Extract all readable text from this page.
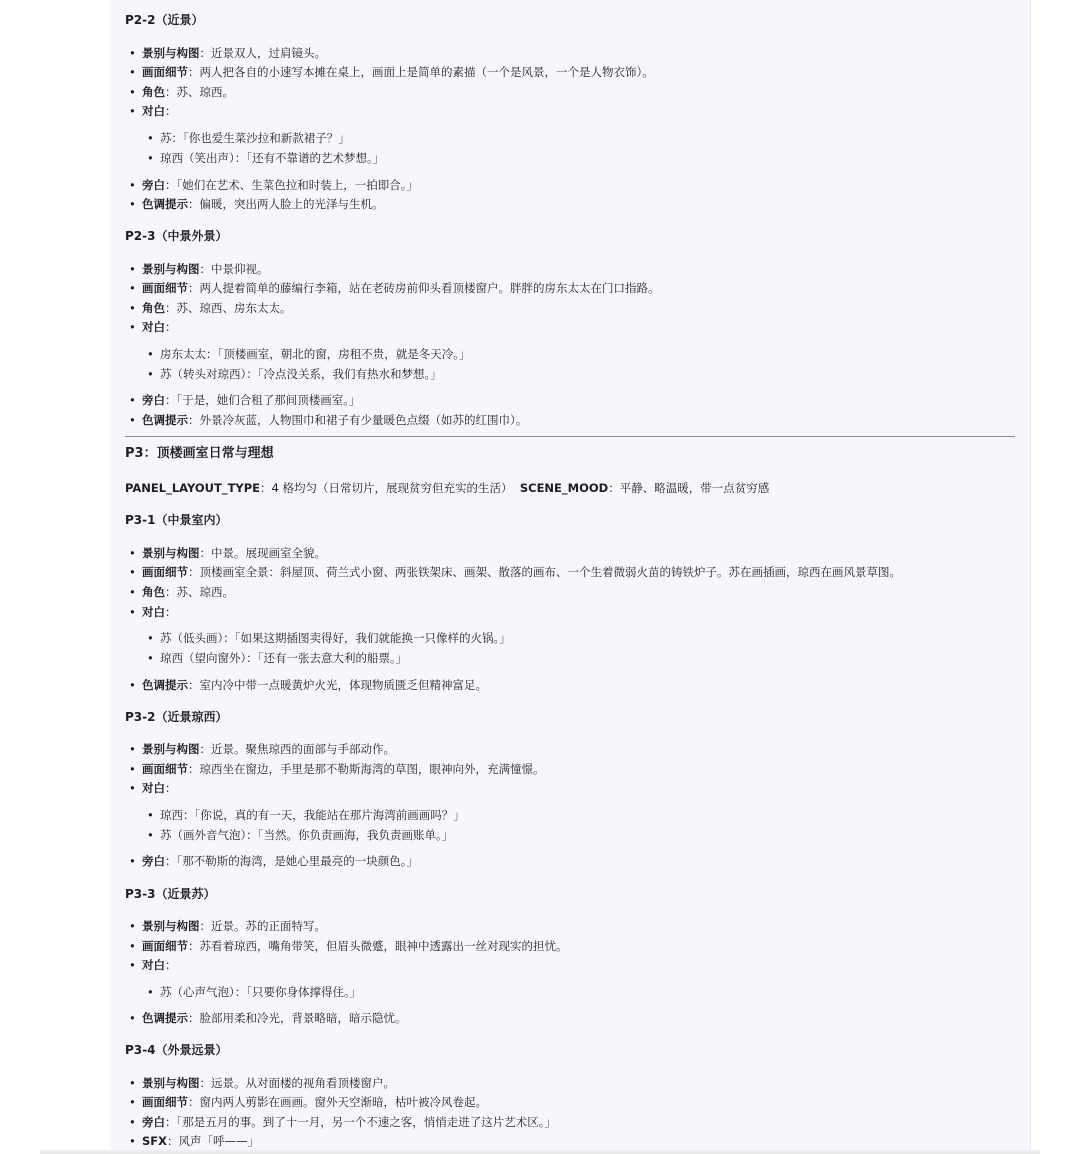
P2-2（近景）
• 景别与构图：近景双人，过肩镜头。
• 画面细节：两人把各自的小速写本摊在桌上，画面上是简单的素描（一个是风景，一个是人物衣饰）。
• 角色：苏、琼西。
• 对白：
• 苏：「你也爱生菜沙拉和新款裙子？」
• 琼西（笑出声）：「还有不靠谱的艺术梦想。」
• 旁白：「她们在艺术、生菜色拉和时装上，一拍即合。」
• 色调提示：偏暖，突出两人脸上的光泽与生机。
P2-3（中景外景）
• 景别与构图：中景仰视。
• 画面细节：两人提着简单的藤编行李箱，站在老砖房前仰头看顶楼窗户。胖胖的房东太太在门口指路。
• 角色：苏、琼西、房东太太。
• 对白：
• 房东太太：「顶楼画室，朝北的窗，房租不贵，就是冬天冷。」
• 苏（转头对琼西）：「冷点没关系，我们有热水和梦想。」
• 旁白：「于是，她们合租了那间顶楼画室。」
• 色调提示：外景冷灰蓝，人物围巾和裙子有少量暖色点缀（如苏的红围巾）。
P3：顶楼画室日常与理想
PANEL_LAYOUT_TYPE：4 格均匀（日常切片，展现贫穷但充实的生活） SCENE_MOOD：平静、略温暖，带一点贫穷感
P3-1（中景室内）
• 景别与构图：中景。展现画室全貌。
• 画面细节：顶楼画室全景：斜屋顶、荷兰式小窗、两张铁架床、画架、散落的画布、一个生着微弱火苗的铸铁炉子。苏在画插画，琼西在画风景草图。
• 角色：苏、琼西。
• 对白：
• 苏（低头画）：「如果这期插图卖得好，我们就能换一只像样的火锅。」
• 琼西（望向窗外）：「还有一张去意大利的船票。」
• 色调提示：室内冷中带一点暖黄炉火光，体现物质匮乏但精神富足。
P3-2（近景琼西）
• 景别与构图：近景。聚焦琼西的面部与手部动作。
• 画面细节：琼西坐在窗边，手里是那不勒斯海湾的草图，眼神向外，充满憧憬。
• 对白：
• 琼西：「你说，真的有一天，我能站在那片海湾前画画吗？」
• 苏（画外音气泡）：「当然。你负责画海，我负责画账单。」
• 旁白：「那不勒斯的海湾，是她心里最亮的一块颜色。」
P3-3（近景苏）
• 景别与构图：近景。苏的正面特写。
• 画面细节：苏看着琼西，嘴角带笑，但眉头微蹙，眼神中透露出一丝对现实的担忧。
• 对白：
• 苏（心声气泡）：「只要你身体撑得住。」
• 色调提示：脸部用柔和冷光，背景略暗，暗示隐忧。
P3-4（外景远景）
• 景别与构图：远景。从对面楼的视角看顶楼窗户。
• 画面细节：窗内两人剪影在画画。窗外天空渐暗，枯叶被冷风卷起。
• 旁白：「那是五月的事。到了十一月，另一个不速之客，悄悄走进了这片艺术区。」
• SFX：风声「呼——」
